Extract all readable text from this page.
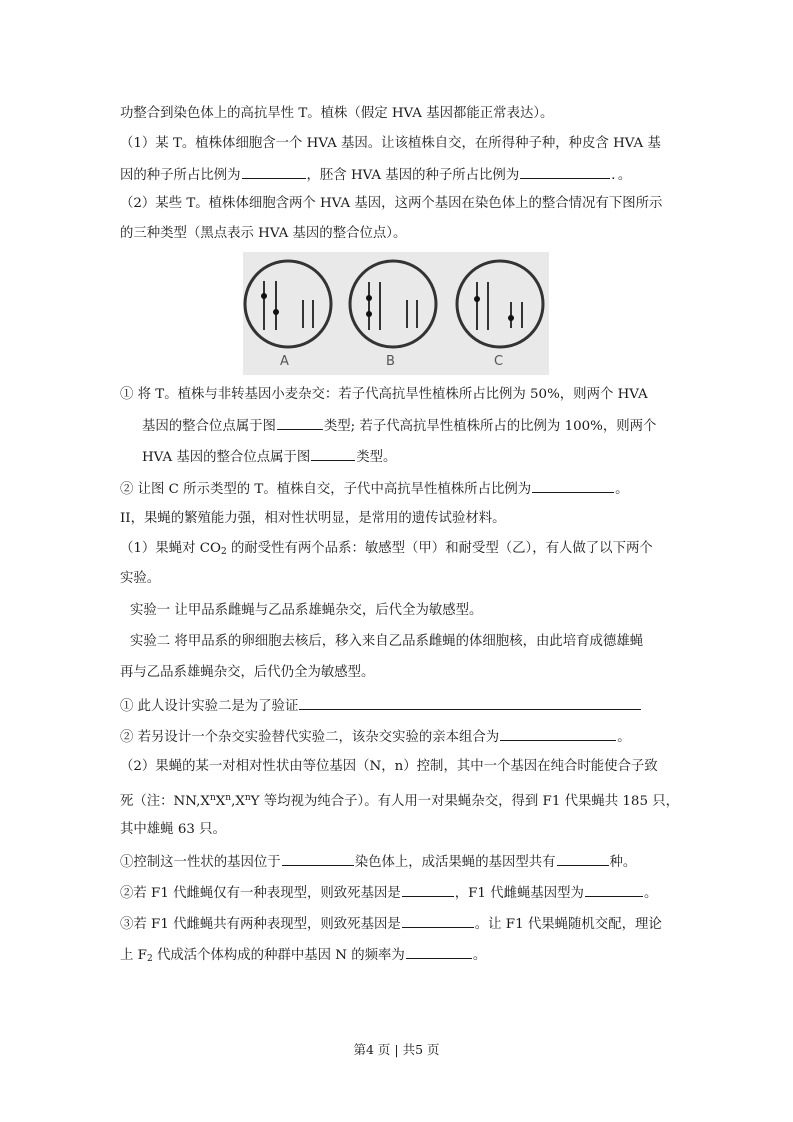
功整合到染色体上的高抗旱性 T。植株（假定 HVA 基因都能正常表达）。
（1）某 T。植株体细胞含一个 HVA 基因。让该植株自交，在所得种子种，种皮含 HVA 基
因的种子所占比例为	，胚含 HVA 基因的种子所占比例为	．。
（2）某些 T。植株体细胞含两个 HVA 基因，这两个基因在染色体上的整合情况有下图所示
的三种类型（黑点表示 HVA 基因的整合位点）。
A	B	C
① 将 T。植株与非转基因小麦杂交：若子代高抗旱性植株所占比例为 50%，则两个 HVA
基因的整合位点属于图	类型; 若子代高抗旱性植株所占的比例为 100%，则两个
HVA 基因的整合位点属于图	类型。
② 让图 C 所示类型的 T。植株自交，子代中高抗旱性植株所占比例为	。
II，果蝇的繁殖能力强，相对性状明显，是常用的遗传试验材料。
（1）果蝇对 $CO_2$ 的耐受性有两个品系：敏感型（甲）和耐受型（乙），有人做了以下两个
实验。
实验一 让甲品系雌蝇与乙品系雄蝇杂交，后代全为敏感型。
实验二 将甲品系的卵细胞去核后，移入来自乙品系雌蝇的体细胞核，由此培育成德雄蝇
再与乙品系雄蝇杂交，后代仍全为敏感型。
① 此人设计实验二是为了验证
② 若另设计一个杂交实验替代实验二，该杂交实验的亲本组合为	。
（2）果蝇的某一对相对性状由等位基因（N，n）控制，其中一个基因在纯合时能使合子致
死（注：$NN,X^nX^n,X^nY$ 等均视为纯合子）。有人用一对果蝇杂交，得到 F1 代果蝇共 185 只，
其中雄蝇 63 只。
①控制这一性状的基因位于	染色体上，成活果蝇的基因型共有	种。
②若 F1 代雌蝇仅有一种表现型，则致死基因是	，F1 代雌蝇基因型为	。
③若 F1 代雌蝇共有两种表现型，则致死基因是	。让 F1 代果蝇随机交配，理论
上 $F_2$ 代成活个体构成的种群中基因 N 的频率为	。
第4 页 | 共5 页
